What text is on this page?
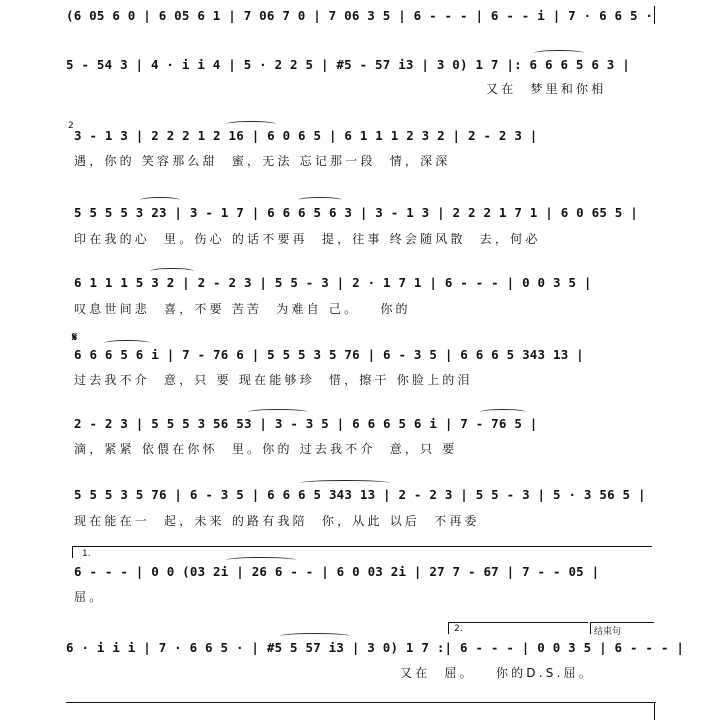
(6 05 6 0 | 6 05 6 1 | 7 06 7 0 | 7 06 3 5 | 6 - - - | 6 - - i | 7 · 6 6 5 ·
5 - 54 3 | 4 · i i 4 | 5 · 2 2 5 | #5 - 57 i3 | 3 0) 1 7 |: 6 6 6 5 6 3 |
又在  梦里和你相
2
3 - 1 3 | 2 2 2 1 2 16 | 6 0 6 5 | 6 1 1 1 2 3 2 | 2 - 2 3 |
遇，你的 笑容那么甜  蜜，无法 忘记那一段  情，深深
5 5 5 5 3 23 | 3 - 1 7 | 6 6 6 5 6 3 | 3 - 1 3 | 2 2 2 1 7 1 | 6 0 65 5 |
印在我的心  里。伤心 的话不要再  提，往事 终会随风散  去，何必
6 1 1 1 5 3 2 | 2 - 2 3 | 5 5 - 3 | 2 · 1 7 1 | 6 - - - | 0 0 3 5 |
叹息世间悲  喜，不要 苦苦  为难自 己。   你的
𝄋
6 6 6 5 6 i | 7 - 76 6 | 5 5 5 3 5 76 | 6 - 3 5 | 6 6 6 5 343 13 |
过去我不介  意，只 要 现在能够珍  惜，擦干 你脸上的泪
2 - 2 3 | 5 5 5 3 56 53 | 3 - 3 5 | 6 6 6 5 6 i | 7 - 76 5 |
滴，紧紧 依偎在你怀  里。你的 过去我不介  意，只 要
5 5 5 3 5 76 | 6 - 3 5 | 6 6 6 5 343 13 | 2 - 2 3 | 5 5 - 3 | 5 · 3 56 5 |
现在能在一  起，未来 的路有我陪  你，从此 以后  不再委
1.
6 - - - | 0 0 (03 2i | 26 6 - - | 6 0 03 2i | 27 7 - 67 | 7 - - 05 |
屈。
2.	结束句
6 · i i i | 7 · 6 6 5 · | #5 5 57 i3 | 3 0) 1 7 :| 6 - - - | 0 0 3 5 | 6 - - - |
又在  屈。   你的D.S.屈。
